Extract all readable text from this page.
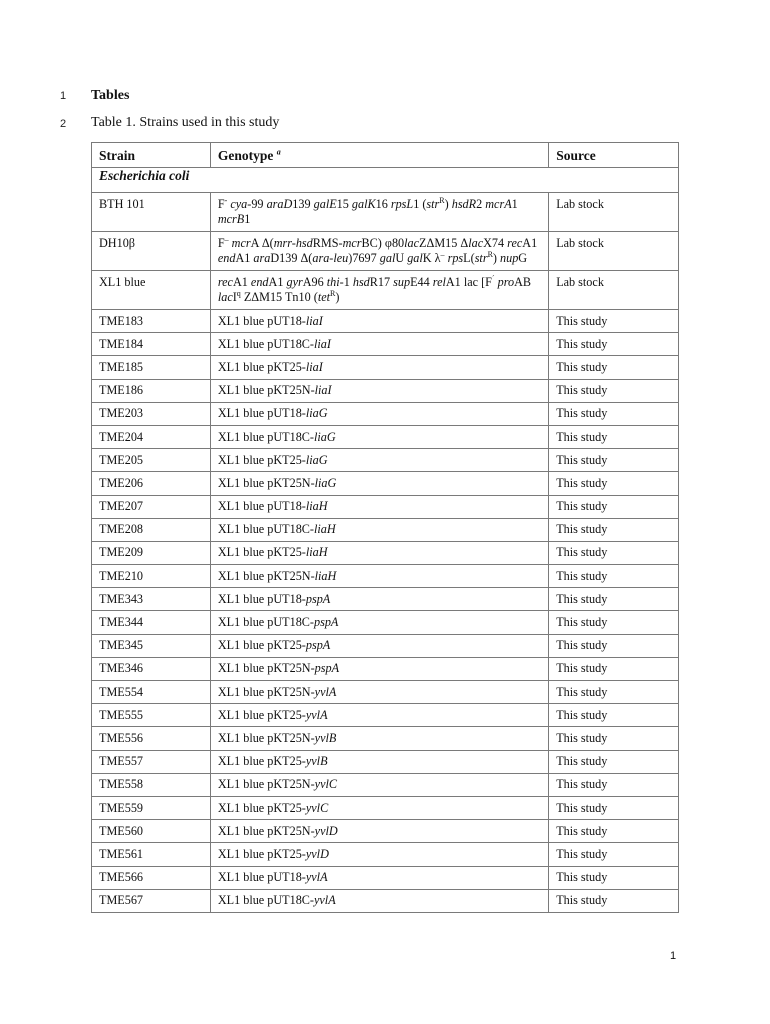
1 Tables
2 Table 1. Strains used in this study
Strain	Genotype $^a$	Source
Escherichia coli		
BTH 101	F- cya-99 araD139 galE15 galK16 rpsL1 (str$^R$) hsdR2 mcrA1 mcrB1	Lab stock
DH10β	F– mcrA Δ(mrr-hsdRMS-mcrBC) φ80lacZΔM15 ΔlacX74 recA1 endA1 araD139 Δ(ara-leu)7697 galU galK λ– rpsL(str$^R$) nupG	Lab stock
XL1 blue	recA1 endA1 gyrA96 thi-1 hsdR17 supE44 relA1 lac [F´ proAB lacI$^q$ ZΔM15 Tn10 (tet$^R$)	Lab stock
TME183	XL1 blue pUT18-liaI	This study
TME184	XL1 blue pUT18C-liaI	This study
TME185	XL1 blue pKT25-liaI	This study
TME186	XL1 blue pKT25N-liaI	This study
TME203	XL1 blue pUT18-liaG	This study
TME204	XL1 blue pUT18C-liaG	This study
TME205	XL1 blue pKT25-liaG	This study
TME206	XL1 blue pKT25N-liaG	This study
TME207	XL1 blue pUT18-liaH	This study
TME208	XL1 blue pUT18C-liaH	This study
TME209	XL1 blue pKT25-liaH	This study
TME210	XL1 blue pKT25N-liaH	This study
TME343	XL1 blue pUT18-pspA	This study
TME344	XL1 blue pUT18C-pspA	This study
TME345	XL1 blue pKT25-pspA	This study
TME346	XL1 blue pKT25N-pspA	This study
TME554	XL1 blue pKT25N-yvlA	This study
TME555	XL1 blue pKT25-yvlA	This study
TME556	XL1 blue pKT25N-yvlB	This study
TME557	XL1 blue pKT25-yvlB	This study
TME558	XL1 blue pKT25N-yvlC	This study
TME559	XL1 blue pKT25-yvlC	This study
TME560	XL1 blue pKT25N-yvlD	This study
TME561	XL1 blue pKT25-yvlD	This study
TME566	XL1 blue pUT18-yvlA	This study
TME567	XL1 blue pUT18C-yvlA	This study
1
